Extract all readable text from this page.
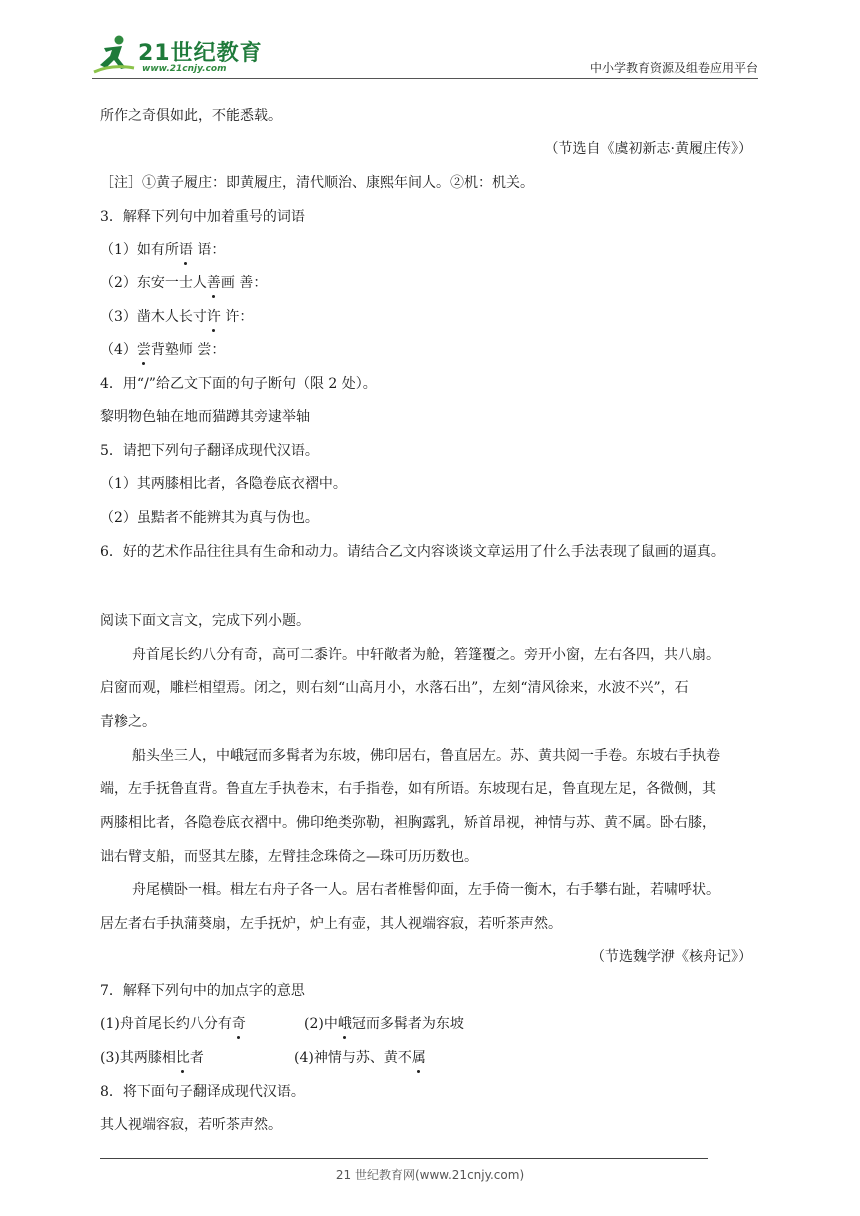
21世纪教育
www.21cnjy.com	中小学教育资源及组卷应用平台
所作之奇俱如此，不能悉载。
（节选自《虞初新志·黄履庄传》）
［注］①黄子履庄：即黄履庄，清代顺治、康熙年间人。②机：机关。
3．解释下列句中加着重号的词语
（1）如有所语 语：
（2）东安一士人善画 善：
（3）凿木人长寸许 许：
（4）尝背塾师 尝：
4．用“/”给乙文下面的句子断句（限 2 处）。
黎明物色轴在地而猫蹲其旁逮举轴
5．请把下列句子翻译成现代汉语。
（1）其两膝相比者，各隐卷底衣褶中。
（2）虽黠者不能辨其为真与伪也。
6．好的艺术作品往往具有生命和动力。请结合乙文内容谈谈文章运用了什么手法表现了鼠画的逼真。
阅读下面文言文，完成下列小题。
舟首尾长约八分有奇，高可二黍许。中轩敞者为舱，箬篷覆之。旁开小窗，左右各四，共八扇。
启窗而观，雕栏相望焉。闭之，则右刻“山高月小，水落石出”，左刻“清风徐来，水波不兴”，石
青糁之。
船头坐三人，中峨冠而多髯者为东坡，佛印居右，鲁直居左。苏、黄共阅一手卷。东坡右手执卷
端，左手抚鲁直背。鲁直左手执卷末，右手指卷，如有所语。东坡现右足，鲁直现左足，各微侧，其
两膝相比者，各隐卷底衣褶中。佛印绝类弥勒，袒胸露乳，矫首昂视，神情与苏、黄不属。卧右膝，
诎右臂支船，而竖其左膝，左臂挂念珠倚之—珠可历历数也。
舟尾横卧一楫。楫左右舟子各一人。居右者椎髻仰面，左手倚一衡木，右手攀右趾，若啸呼状。
居左者右手执蒲葵扇，左手抚炉，炉上有壶，其人视端容寂，若听茶声然。
（节选魏学洢《核舟记》）
7．解释下列句中的加点字的意思
(1)舟首尾长约八分有奇	(2)中峨冠而多髯者为东坡
(3)其两膝相比者	(4)神情与苏、黄不属
8．将下面句子翻译成现代汉语。
其人视端容寂，若听茶声然。
21 世纪教育网(www.21cnjy.com)
